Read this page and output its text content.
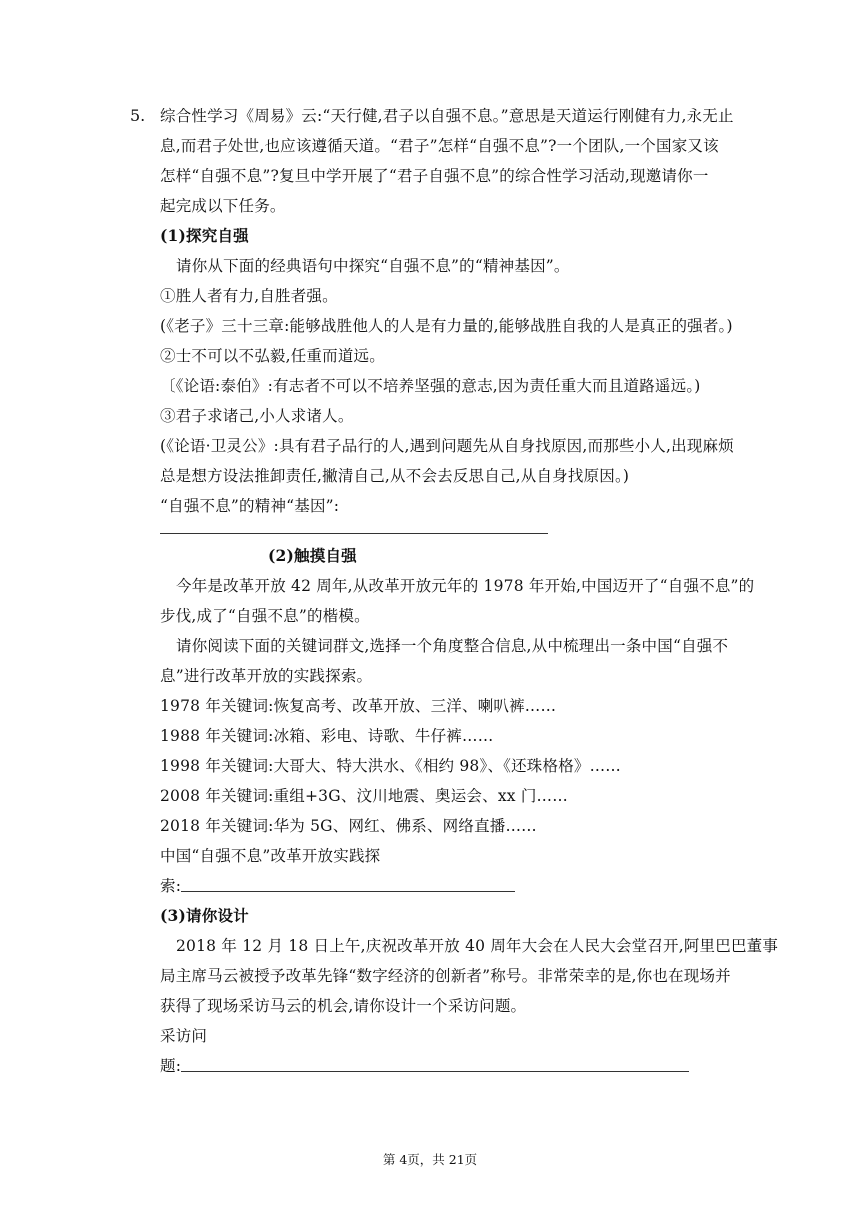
5. 综合性学习《周易》云:“天行健,君子以自强不息。”意思是天道运行刚健有力,永无止
息,而君子处世,也应该遵循天道。“君子”怎样“自强不息”?一个团队,一个国家又该
怎样“自强不息”?复旦中学开展了“君子自强不息”的综合性学习活动,现邀请你一
起完成以下任务。
(1)探究自强
请你从下面的经典语句中探究“自强不息”的“精神基因”。
①胜人者有力,自胜者强。
(《老子》三十三章:能够战胜他人的人是有力量的,能够战胜自我的人是真正的强者。)
②士不可以不弘毅,任重而道远。
〔《论语:泰伯》:有志者不可以不培养坚强的意志,因为责任重大而且道路遥远。)
③君子求诸己,小人求诸人。
(《论语·卫灵公》:具有君子品行的人,遇到问题先从自身找原因,而那些小人,出现麻烦
总是想方设法推卸责任,撇清自己,从不会去反思自己,从自身找原因。)
“自强不息”的精神“基因”:
(2)触摸自强
今年是改革开放 42 周年,从改革开放元年的 1978 年开始,中国迈开了“自强不息”的
步伐,成了“自强不息”的楷模。
请你阅读下面的关键词群文,选择一个角度整合信息,从中梳理出一条中国“自强不
息”进行改革开放的实践探索。
1978 年关键词:恢复高考、改革开放、三洋、喇叭裤……
1988 年关键词:冰箱、彩电、诗歌、牛仔裤……
1998 年关键词:大哥大、特大洪水、《相约 98》、《还珠格格》……
2008 年关键词:重组+3G、汶川地震、奥运会、xx 门……
2018 年关键词:华为 5G、网红、佛系、网络直播……
中国“自强不息”改革开放实践探
索:
(3)请你设计
2018 年 12 月 18 日上午,庆祝改革开放 40 周年大会在人民大会堂召开,阿里巴巴董事
局主席马云被授予改革先锋“数字经济的创新者”称号。非常荣幸的是,你也在现场并
获得了现场采访马云的机会,请你设计一个采访问题。
采访问
题:
第 4页，共 21页
